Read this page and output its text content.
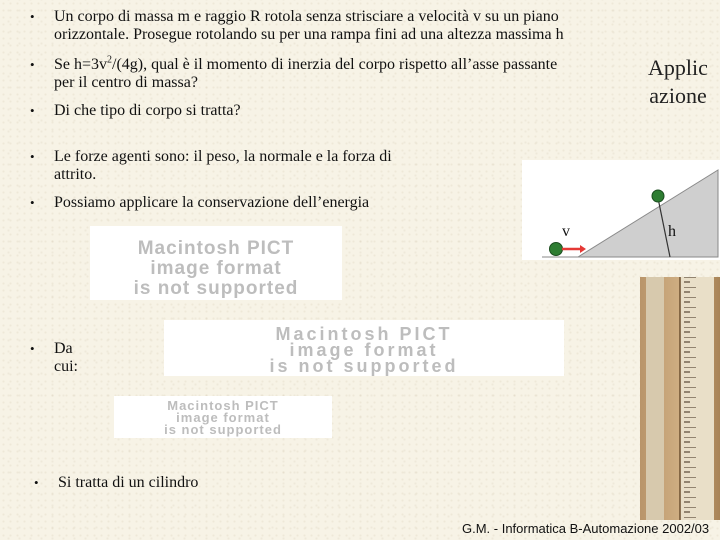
• Un corpo di massa m e raggio R rotola senza strisciare a velocità v su un piano
orizzontale. Prosegue rotolando su per una rampa fini ad una altezza massima h
• Se $h=3v^2/(4g)$, qual è il momento di inerzia del corpo rispetto all’asse passante
per il centro di massa?
• Di che tipo di corpo si tratta?
Applic
azione
• Le forze agenti sono: il peso, la normale e la forza di
attrito.
• Possiamo applicare la conservazione dell’energia
v	h
Macintosh PICT
image format
is not supported
• Da cui:
Macintosh PICT
image format
is not supported
Macintosh PICT
image format
is not supported
• Si tratta di un cilindro
G.M. - Informatica B-Automazione 2002/03
